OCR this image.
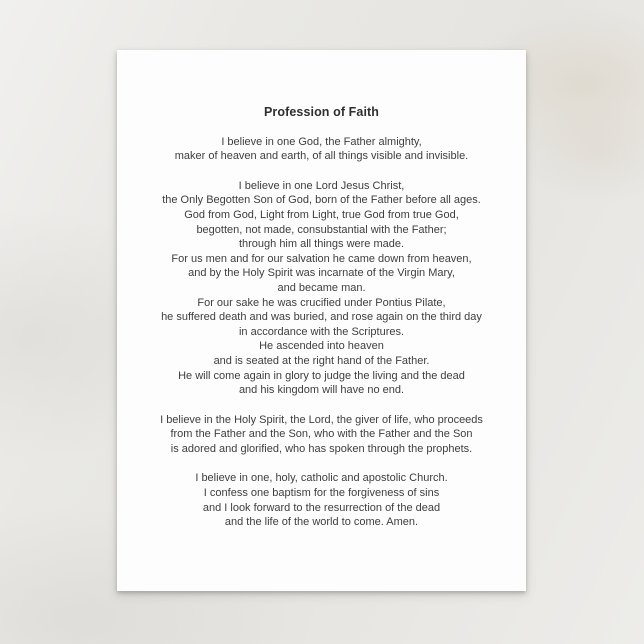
Profession of Faith
I believe in one God, the Father almighty,
maker of heaven and earth, of all things visible and invisible.
I believe in one Lord Jesus Christ,
the Only Begotten Son of God, born of the Father before all ages.
God from God, Light from Light, true God from true God,
begotten, not made, consubstantial with the Father;
through him all things were made.
For us men and for our salvation he came down from heaven,
and by the Holy Spirit was incarnate of the Virgin Mary,
and became man.
For our sake he was crucified under Pontius Pilate,
he suffered death and was buried, and rose again on the third day
in accordance with the Scriptures.
He ascended into heaven
and is seated at the right hand of the Father.
He will come again in glory to judge the living and the dead
and his kingdom will have no end.
I believe in the Holy Spirit, the Lord, the giver of life, who proceeds
from the Father and the Son, who with the Father and the Son
is adored and glorified, who has spoken through the prophets.
I believe in one, holy, catholic and apostolic Church.
I confess one baptism for the forgiveness of sins
and I look forward to the resurrection of the dead
and the life of the world to come. Amen.
